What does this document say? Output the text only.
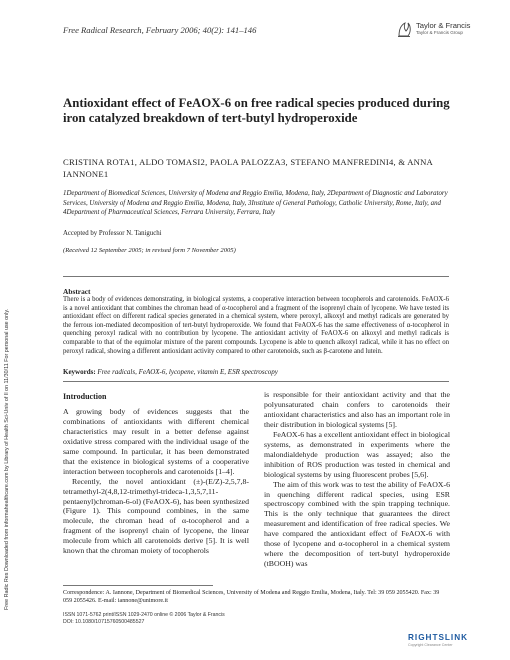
Free Radic Res Downloaded from informahealthcare.com by Library of Health Sci-Univ of Il on 11/30/11 For personal use only.
Free Radical Research, February 2006; 40(2): 141–146	Taylor & Francis
Taylor & Francis Group
Antioxidant effect of FeAOX-6 on free radical species produced during iron catalyzed breakdown of tert-butyl hydroperoxide
CRISTINA ROTA1, ALDO TOMASI2, PAOLA PALOZZA3, STEFANO MANFREDINI4, & ANNA IANNONE1
1Department of Biomedical Sciences, University of Modena and Reggio Emilia, Modena, Italy, 2Department of Diagnostic and Laboratory Services, University of Modena and Reggio Emilia, Modena, Italy, 3Institute of General Pathology, Catholic University, Rome, Italy, and 4Department of Pharmaceutical Sciences, Ferrara University, Ferrara, Italy
Accepted by Professor N. Taniguchi
(Received 12 September 2005; in revised form 7 November 2005)
Abstract
There is a body of evidences demonstrating, in biological systems, a cooperative interaction between tocopherols and carotenoids. FeAOX-6 is a novel antioxidant that combines the chroman head of α-tocopherol and a fragment of the isoprenyl chain of lycopene. We have tested its antioxidant effect on different radical species generated in a chemical system, where peroxyl, alkoxyl and methyl radicals are generated by the ferrous ion-mediated decomposition of tert-butyl hydroperoxide. We found that FeAOX-6 has the same effectiveness of α-tocopherol in quenching peroxyl radical with no contribution by lycopene. The antioxidant activity of FeAOX-6 on alkoxyl and methyl radicals is comparable to that of the equimolar mixture of the parent compounds. Lycopene is able to quench alkoxyl radical, while it has no effect on peroxyl radical, showing a different antioxidant activity compared to other carotenoids, such as β-carotene and lutein.
Keywords: Free radicals, FeAOX-6, lycopene, vitamin E, ESR spectroscopy
Introduction

A growing body of evidences suggests that the combinations of antioxidants with different chemical characteristics may result in a better defense against oxidative stress compared with the individual usage of the same compound. In particular, it has been demonstrated that the existence in biological systems of a cooperative interaction between tocopherols and carotenoids [1–4].

Recently, the novel antioxidant (±)-(E/Z)-2,5,7,8-tetramethyl-2(4,8,12-trimethyl-trideca-1,3,5,7,11-pentaenyl)chroman-6-ol) (FeAOX-6), has been synthesized (Figure 1). This compound combines, in the same molecule, the chroman head of α-tocopherol and a fragment of the isoprenyl chain of lycopene, the linear molecule from which all carotenoids derive [5]. It is well known that the chroman moiety of tocopherols

is responsible for their antioxidant activity and that the polyunsaturated chain confers to carotenoids their antioxidant characteristics and also has an important role in their distribution in biological systems [5].

FeAOX-6 has a excellent antioxidant effect in biological systems, as demonstrated in experiments where the malondialdehyde production was assayed; also the inhibition of ROS production was tested in chemical and biological systems by using fluorescent probes [5,6].

The aim of this work was to test the ability of FeAOX-6 in quenching different radical species, using ESR spectroscopy combined with the spin trapping technique. This is the only technique that guarantees the direct measurement and identification of free radical species. We have compared the antioxidant effect of FeAOX-6 with those of lycopene and α-tocopherol in a chemical system where the decomposition of tert-butyl hydroperoxide (tBOOH) was

Correspondence: A. Iannone, Department of Biomedical Sciences, University of Modena and Reggio Emilia, Modena, Italy. Tel: 39 059 2055420. Fax: 39 059 2055426. E-mail: iannone@unimore.it
ISSN 1071-5762 print/ISSN 1029-2470 online © 2006 Taylor & Francis
DOI: 10.1080/10715760500485527
RIGHTSLINK
Copyright Clearance Center
